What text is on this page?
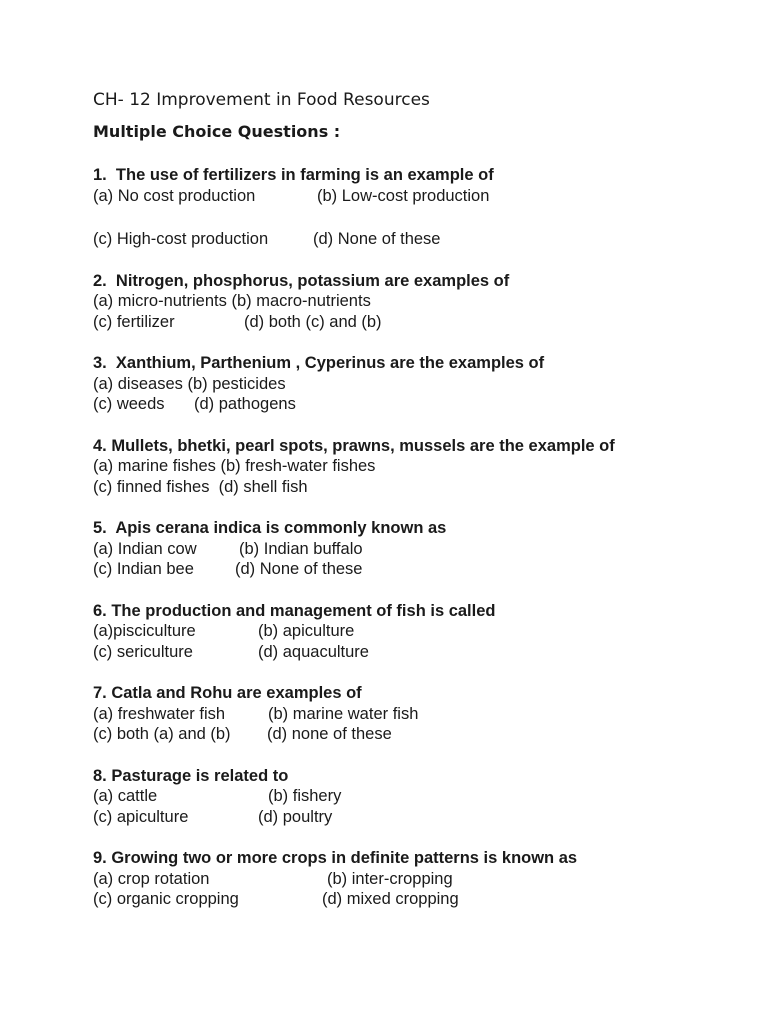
CH- 12 Improvement in Food Resources
Multiple Choice Questions :
1.  The use of fertilizers in farming is an example of
(a) No cost production	(b) Low-cost production
(c) High-cost production	(d) None of these
2.  Nitrogen, phosphorus, potassium are examples of
(a) micro-nutrients (b) macro-nutrients
(c) fertilizer	(d) both (c) and (b)
3.  Xanthium, Parthenium , Cyperinus are the examples of
(a) diseases (b) pesticides
(c) weeds	(d) pathogens
4. Mullets, bhetki, pearl spots, prawns, mussels are the example of
(a) marine fishes (b) fresh-water fishes
(c) finned fishes  (d) shell fish
5.  Apis cerana indica is commonly known as
(a) Indian cow	(b) Indian buffalo
(c) Indian bee	(d) None of these
6. The production and management of fish is called
(a)pisciculture	(b) apiculture
(c) sericulture	(d) aquaculture
7. Catla and Rohu are examples of
(a) freshwater fish	(b) marine water fish
(c) both (a) and (b)	(d) none of these
8. Pasturage is related to
(a) cattle	(b) fishery
(c) apiculture	(d) poultry
9. Growing two or more crops in definite patterns is known as
(a) crop rotation	(b) inter-cropping
(c) organic cropping	(d) mixed cropping
